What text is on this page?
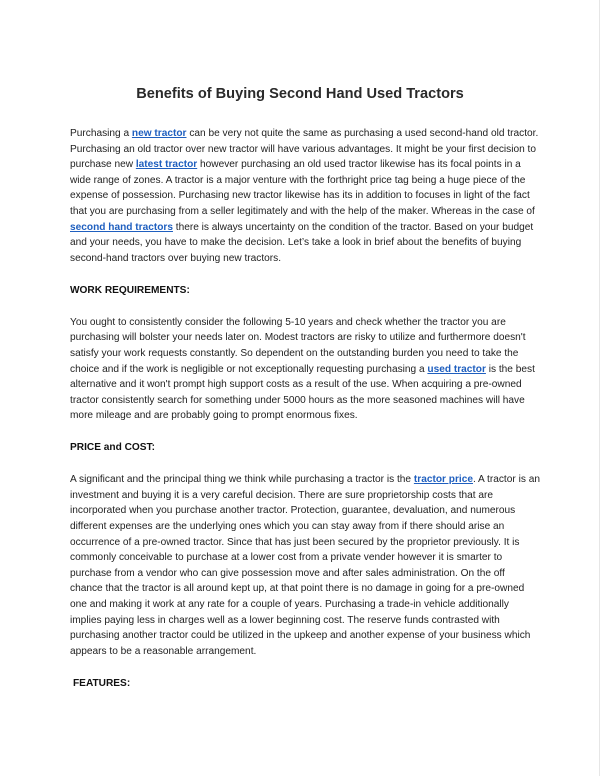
Benefits of Buying Second Hand Used Tractors

Purchasing a new tractor can be very not quite the same as purchasing a used second-hand old tractor. Purchasing an old tractor over new tractor will have various advantages. It might be your first decision to purchase new latest tractor however purchasing an old used tractor likewise has its focal points in a wide range of zones. A tractor is a major venture with the forthright price tag being a huge piece of the expense of possession. Purchasing new tractor likewise has its in addition to focuses in light of the fact that you are purchasing from a seller legitimately and with the help of the maker. Whereas in the case of second hand tractors there is always uncertainty on the condition of the tractor. Based on your budget and your needs, you have to make the decision. Let’s take a look in brief about the benefits of buying second-hand tractors over buying new tractors.

WORK REQUIREMENTS:

You ought to consistently consider the following 5-10 years and check whether the tractor you are purchasing will bolster your needs later on. Modest tractors are risky to utilize and furthermore doesn't satisfy your work requests constantly. So dependent on the outstanding burden you need to take the choice and if the work is negligible or not exceptionally requesting purchasing a used tractor is the best alternative and it won't prompt high support costs as a result of the use. When acquiring a pre-owned tractor consistently search for something under 5000 hours as the more seasoned machines will have more mileage and are probably going to prompt enormous fixes.

PRICE and COST:

A significant and the principal thing we think while purchasing a tractor is the tractor price. A tractor is an investment and buying it is a very careful decision. There are sure proprietorship costs that are incorporated when you purchase another tractor. Protection, guarantee, devaluation, and numerous different expenses are the underlying ones which you can stay away from if there should arise an occurrence of a pre-owned tractor. Since that has just been secured by the proprietor previously. It is commonly conceivable to purchase at a lower cost from a private vender however it is smarter to purchase from a vendor who can give possession move and after sales administration. On the off chance that the tractor is all around kept up, at that point there is no damage in going for a pre-owned one and making it work at any rate for a couple of years. Purchasing a trade-in vehicle additionally implies paying less in charges well as a lower beginning cost. The reserve funds contrasted with purchasing another tractor could be utilized in the upkeep and another expense of your business which appears to be a reasonable arrangement.

FEATURES:
